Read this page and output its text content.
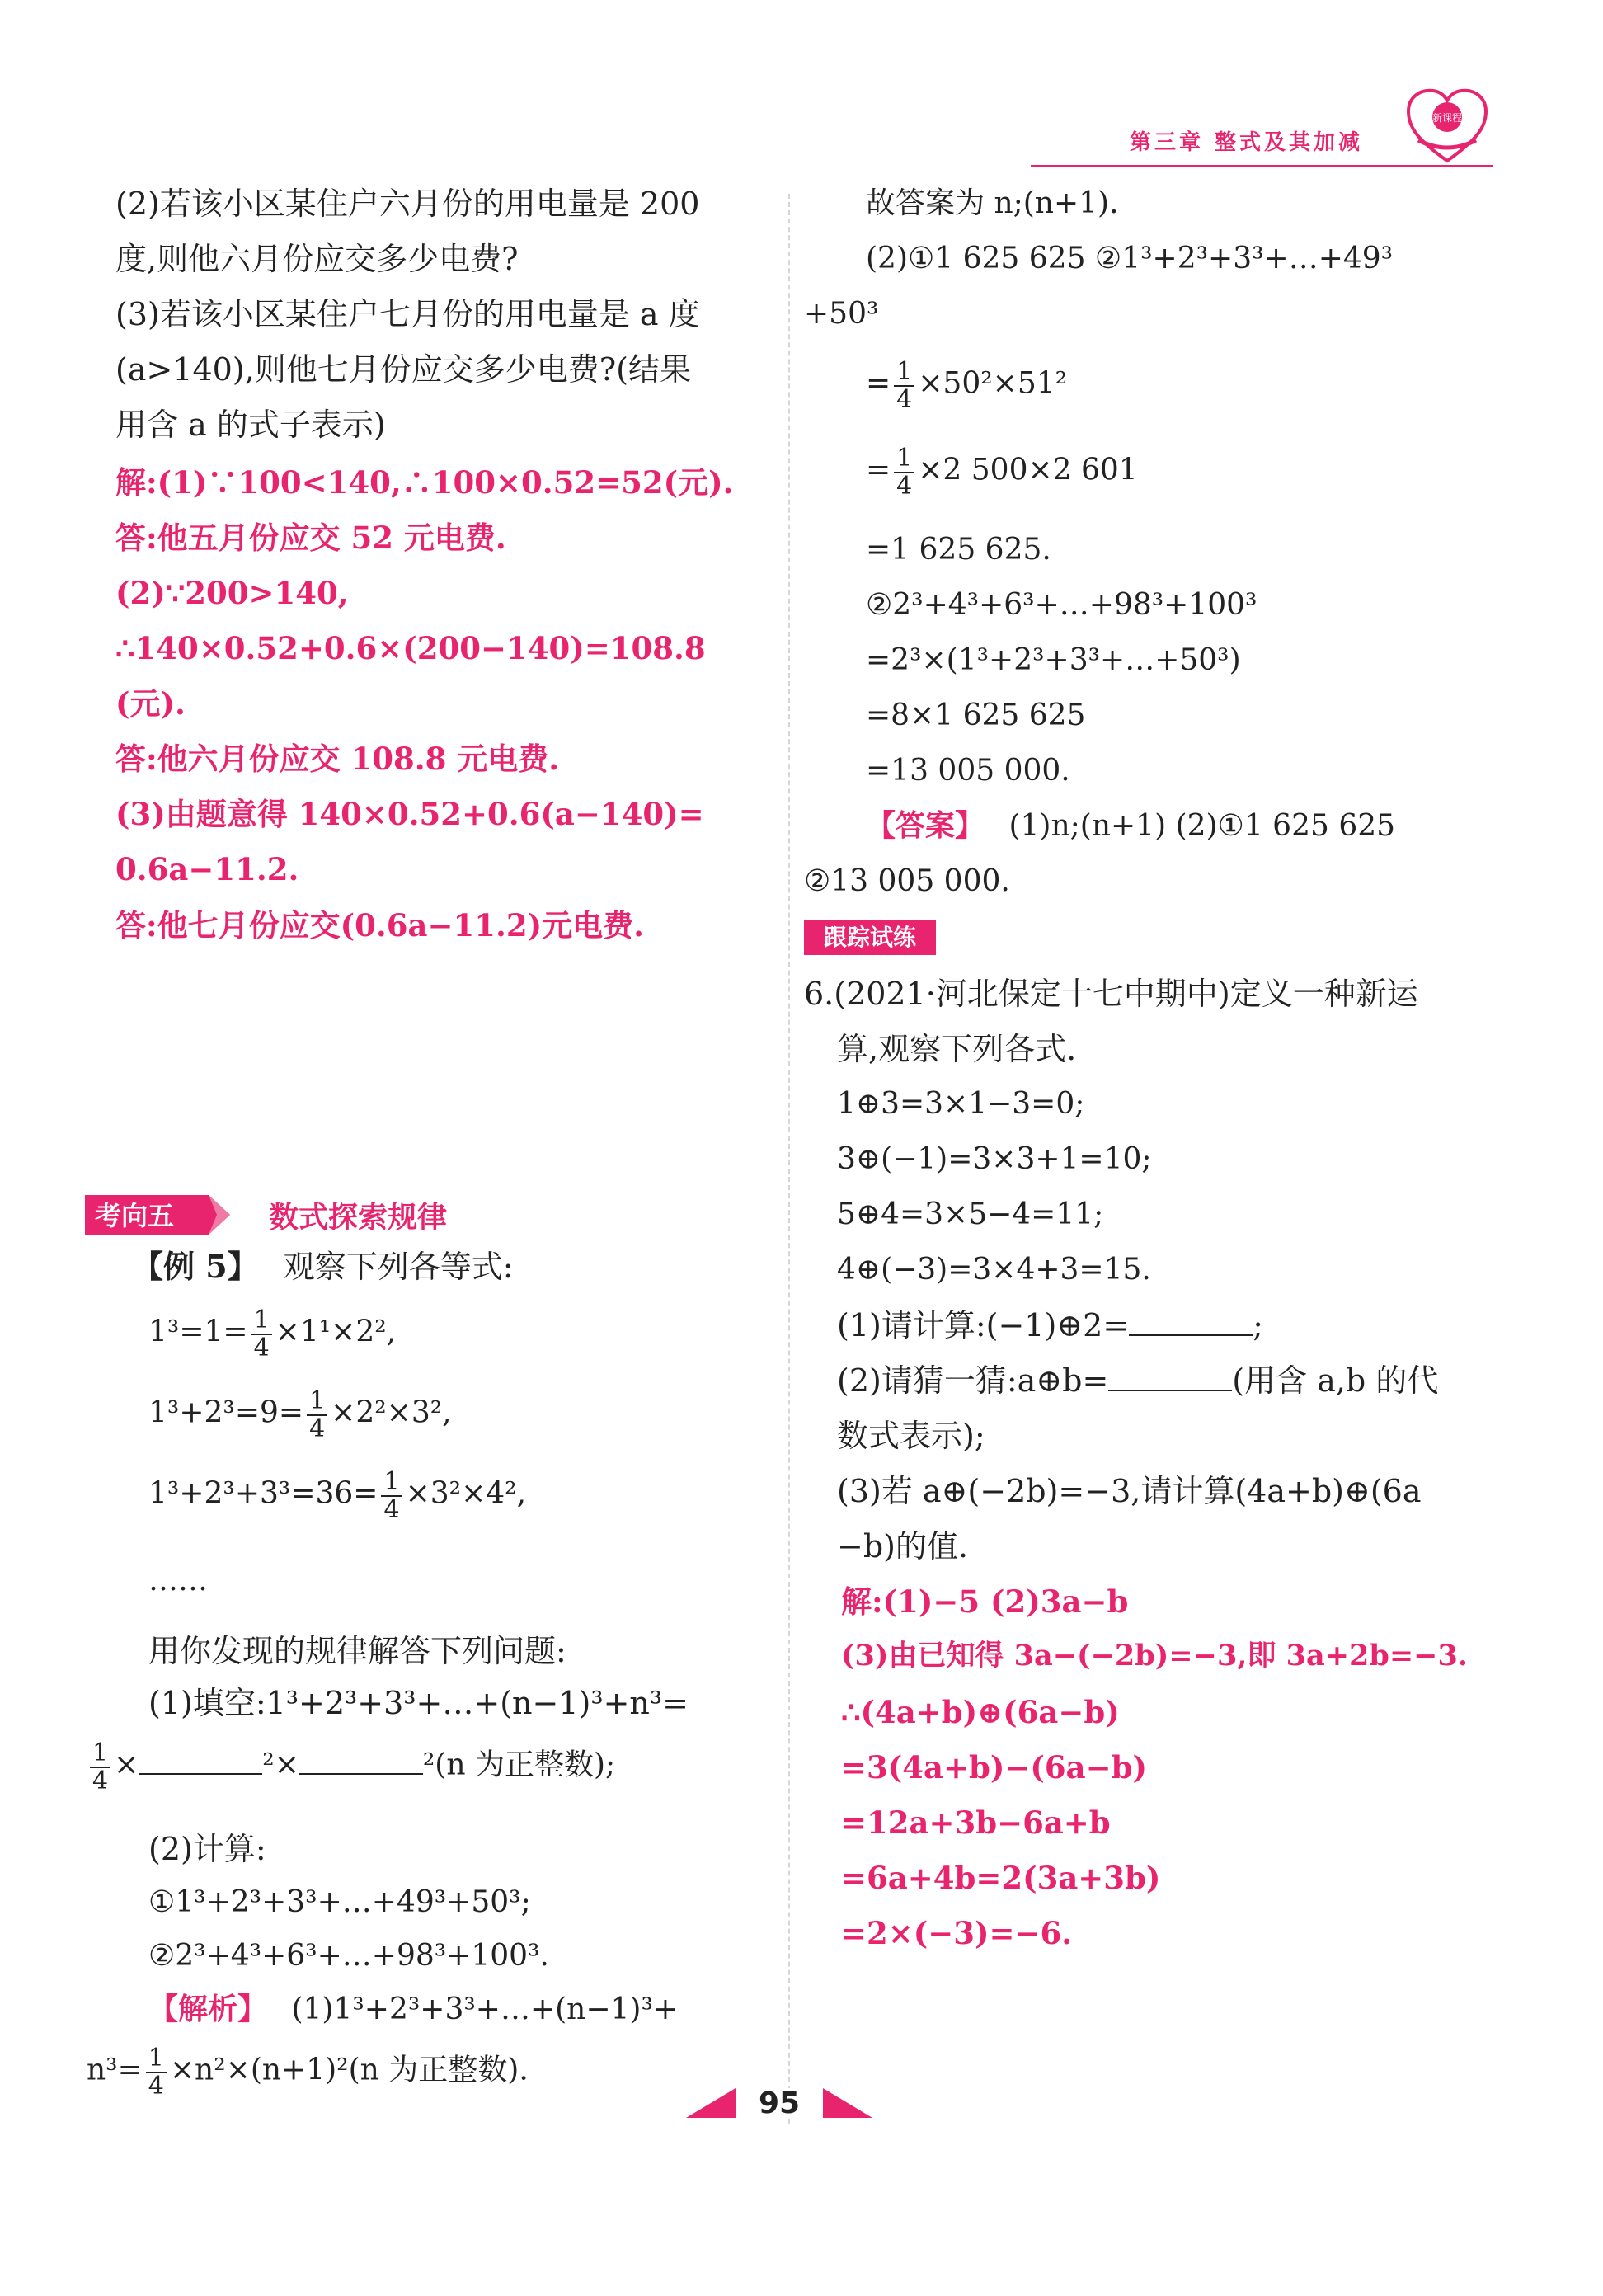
第三章 整式及其加减
新课程
(2)若该小区某住户六月份的用电量是 200
度,则他六月份应交多少电费?
(3)若该小区某住户七月份的用电量是 a 度
(a>140),则他七月份应交多少电费?(结果
用含 a 的式子表示)
解:(1)∵100<140,∴100×0.52=52(元).
答:他五月份应交 52 元电费.
(2)∵200>140,
∴140×0.52+0.6×(200−140)=108.8
(元).
答:他六月份应交 108.8 元电费.
(3)由题意得 140×0.52+0.6(a−140)=
0.6a−11.2.
答:他七月份应交(0.6a−11.2)元电费.
考向五	数式探索规律
【例 5】 观察下列各等式:
$1^3=1= \frac{1}{4} \times 1^1\times 2^2$,
$1^3+2^3=9= \frac{1}{4} \times 2^2\times 3^2$,
$1^3+2^3+3^3=36= \frac{1}{4} \times 3^2\times 4^2$,
……
用你发现的规律解答下列问题:
(1)填空:1³+2³+3³+…+(n−1)³+n³=
$\frac{1}{4}$ ×	²×	²(n 为正整数);
(2)计算:
①1³+2³+3³+…+49³+50³;
②2³+4³+6³+…+98³+100³.
【解析】 (1)1³+2³+3³+…+(n−1)³+
$n^3= \frac{1}{4} \times n^2\times(n+1)^2(n$ 为正整数).
故答案为 n;(n+1).
(2)①1 625 625 ②1³+2³+3³+…+49³
+50³
= $\frac{1}{4} \times 50^2\times 51^2$
= $\frac{1}{4} \times 2$ 500×2 601
=1 625 625.
②2³+4³+6³+…+98³+100³
=2³×(1³+2³+3³+…+50³)
=8×1 625 625
=13 005 000.
【答案】 (1)n;(n+1) (2)①1 625 625
②13 005 000.
跟踪试练
6.(2021·河北保定十七中期中)定义一种新运
算,观察下列各式.
1⊕3=3×1−3=0;
3⊕(−1)=3×3+1=10;
5⊕4=3×5−4=11;
4⊕(−3)=3×4+3=15.
(1)请计算:(−1)⊕2=	;
(2)请猜一猜:a⊕b=	(用含 a,b 的代
数式表示);
(3)若 a⊕(−2b)=−3,请计算(4a+b)⊕(6a
−b)的值.
解:(1)−5 (2)3a−b
(3)由已知得 3a−(−2b)=−3,即 3a+2b=−3.
∴(4a+b)⊕(6a−b)
=3(4a+b)−(6a−b)
=12a+3b−6a+b
=6a+4b=2(3a+3b)
=2×(−3)=−6.
95
